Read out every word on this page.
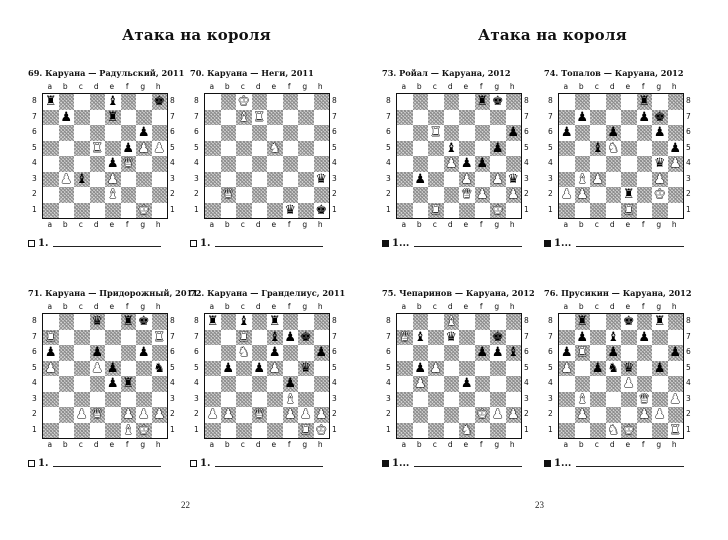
Атака на короля
22
Атака на короля
23
69. Каруана — Радульский, 2011
a	b	c	d	e	f	g	h
a	b	c	d	e	f	g	h
8
7
6
5
4
3
2
1
8
7
6
5
4
3
2
1
♜	♝	♚
♟	♜
♟
♜ ♟ ♟ ♟
♟ ♛
♟ ♝ ♟
♝
♚
1.
70. Каруана — Неги, 2011
a	b	c	d	e	f	g	h
a	b	c	d	e	f	g	h
8
7
6
5
4
3
2
1
8
7
6
5
4
3
2
1
♚
♝ ♜
♞
♛
♛
♛ ♚
1.
71. Каруана — Придорожный, 2011
a	b	c	d	e	f	g	h
a	b	c	d	e	f	g	h
8
7
6
5
4
3
2
1
8
7
6
5
4
3
2
1
♛ ♜ ♚
♜	♜
♟	♟	♟
♟	♟ ♟	♞
♟ ♜
♟ ♛ ♟ ♟ ♟
♝ ♚
1.
72. Каруана — Гранделиус, 2011
a	b	c	d	e	f	g	h
a	b	c	d	e	f	g	h
8
7
6
5
4
3
2
1
8
7
6
5
4
3
2
1
♜ ♝ ♜
♜ ♝ ♟ ♚
♞ ♟	♟
♟ ♟ ♟ ♛
♟
♝
♟ ♟ ♛ ♟ ♟ ♟
♜ ♚
1.
73. Ройал — Каруана, 2012
a	b	c	d	e	f	g	h
a	b	c	d	e	f	g	h
8
7
6
5
4
3
2
1
8
7
6
5
4
3
2
1
♜ ♚
♜	♟
♝	♟
♟ ♟ ♟
♟	♟ ♟ ♛
♛ ♟ ♟
♜	♚
1...
74. Топалов — Каруана, 2012
a	b	c	d	e	f	g	h
a	b	c	d	e	f	g	h
8
7
6
5
4
3
2
1
8
7
6
5
4
3
2
1
♜
♟	♟ ♚
♟	♟	♟
♝ ♞	♟
♛ ♟
♝ ♟	♟
♟ ♟	♜ ♚
♜
1...
75. Чепаринов — Каруана, 2012
a	b	c	d	e	f	g	h
a	b	c	d	e	f	g	h
8
7
6
5
4
3
2
1
8
7
6
5
4
3
2
1
♝
♛ ♝ ♛	♚
♟ ♟ ♝
♟ ♟
♟	♟
♚ ♟ ♟
♞
1...
76. Прусикин — Каруана, 2012
a	b	c	d	e	f	g	h
a	b	c	d	e	f	g	h
8
7
6
5
4
3
2
1
8
7
6
5
4
3
2
1
♜	♚ ♜
♟ ♝ ♟
♟ ♜ ♟	♟
♟ ♟ ♞ ♛ ♟
♟
♝	♛ ♟
♟	♟ ♟
♞ ♚	♜
1...
